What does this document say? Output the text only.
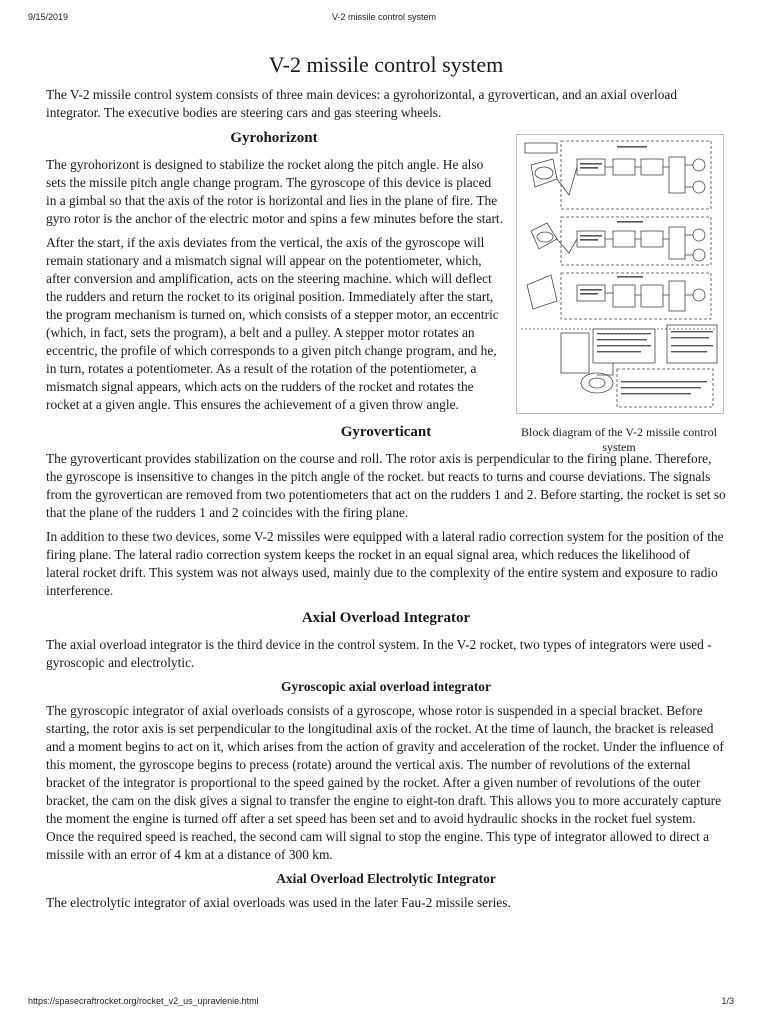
9/15/2019	V-2 missile control system
V-2 missile control system

The V-2 missile control system consists of three main devices: a gyrohorizontal, a gyrovertican, and an axial overload integrator. The executive bodies are steering cars and gas steering wheels.

Block diagram of the V-2 missile control system
Gyrohorizont

The gyrohorizont is designed to stabilize the rocket along the pitch angle. He also sets the missile pitch angle change program. The gyroscope of this device is placed in a gimbal so that the axis of the rotor is horizontal and lies in the plane of fire. The gyro rotor is the anchor of the electric motor and spins a few minutes before the start.

After the start, if the axis deviates from the vertical, the axis of the gyroscope will remain stationary and a mismatch signal will appear on the potentiometer, which, after conversion and amplification, acts on the steering machine. which will deflect the rudders and return the rocket to its original position. Immediately after the start, the program mechanism is turned on, which consists of a stepper motor, an eccentric (which, in fact, sets the program), a belt and a pulley. A stepper motor rotates an eccentric, the profile of which corresponds to a given pitch change program, and he, in turn, rotates a potentiometer. As a result of the rotation of the potentiometer, a mismatch signal appears, which acts on the rudders of the rocket and rotates the rocket at a given angle. This ensures the achievement of a given throw angle.

Gyroverticant

The gyroverticant provides stabilization on the course and roll. The rotor axis is perpendicular to the firing plane. Therefore, the gyroscope is insensitive to changes in the pitch angle of the rocket. but reacts to turns and course deviations. The signals from the gyrovertican are removed from two potentiometers that act on the rudders 1 and 2. Before starting, the rocket is set so that the plane of the rudders 1 and 2 coincides with the firing plane.

In addition to these two devices, some V-2 missiles were equipped with a lateral radio correction system for the position of the firing plane. The lateral radio correction system keeps the rocket in an equal signal area, which reduces the likelihood of lateral rocket drift. This system was not always used, mainly due to the complexity of the entire system and exposure to radio interference.

Axial Overload Integrator

The axial overload integrator is the third device in the control system. In the V-2 rocket, two types of integrators were used - gyroscopic and electrolytic.

Gyroscopic axial overload integrator

The gyroscopic integrator of axial overloads consists of a gyroscope, whose rotor is suspended in a special bracket. Before starting, the rotor axis is set perpendicular to the longitudinal axis of the rocket. At the time of launch, the bracket is released and a moment begins to act on it, which arises from the action of gravity and acceleration of the rocket. Under the influence of this moment, the gyroscope begins to precess (rotate) around the vertical axis. The number of revolutions of the external bracket of the integrator is proportional to the speed gained by the rocket. After a given number of revolutions of the outer bracket, the cam on the disk gives a signal to transfer the engine to eight-ton draft. This allows you to more accurately capture the moment the engine is turned off after a set speed has been set and to avoid hydraulic shocks in the rocket fuel system. Once the required speed is reached, the second cam will signal to stop the engine. This type of integrator allowed to direct a missile with an error of 4 km at a distance of 300 km.

Axial Overload Electrolytic Integrator

The electrolytic integrator of axial overloads was used in the later Fau-2 missile series.

https://spasecraftrocket.org/rocket_v2_us_upravlenie.html	1/3
